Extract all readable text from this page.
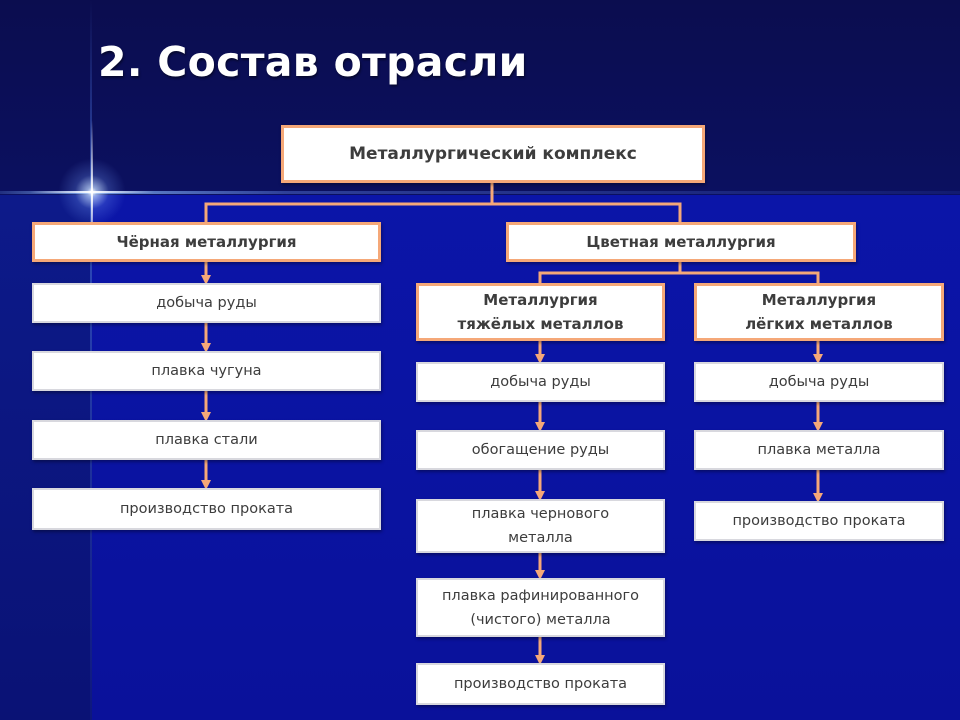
2. Состав отрасли
Металлургический комплекс
Чёрная металлургия	Цветная металлургия
Металлургия
тяжёлых металлов
Металлургия
лёгких металлов
добыча руды
плавка чугуна
плавка стали
производство проката
добыча руды
обогащение руды
плавка чернового
металла
плавка рафинированного
(чистого) металла
производство проката
добыча руды
плавка металла
производство проката
